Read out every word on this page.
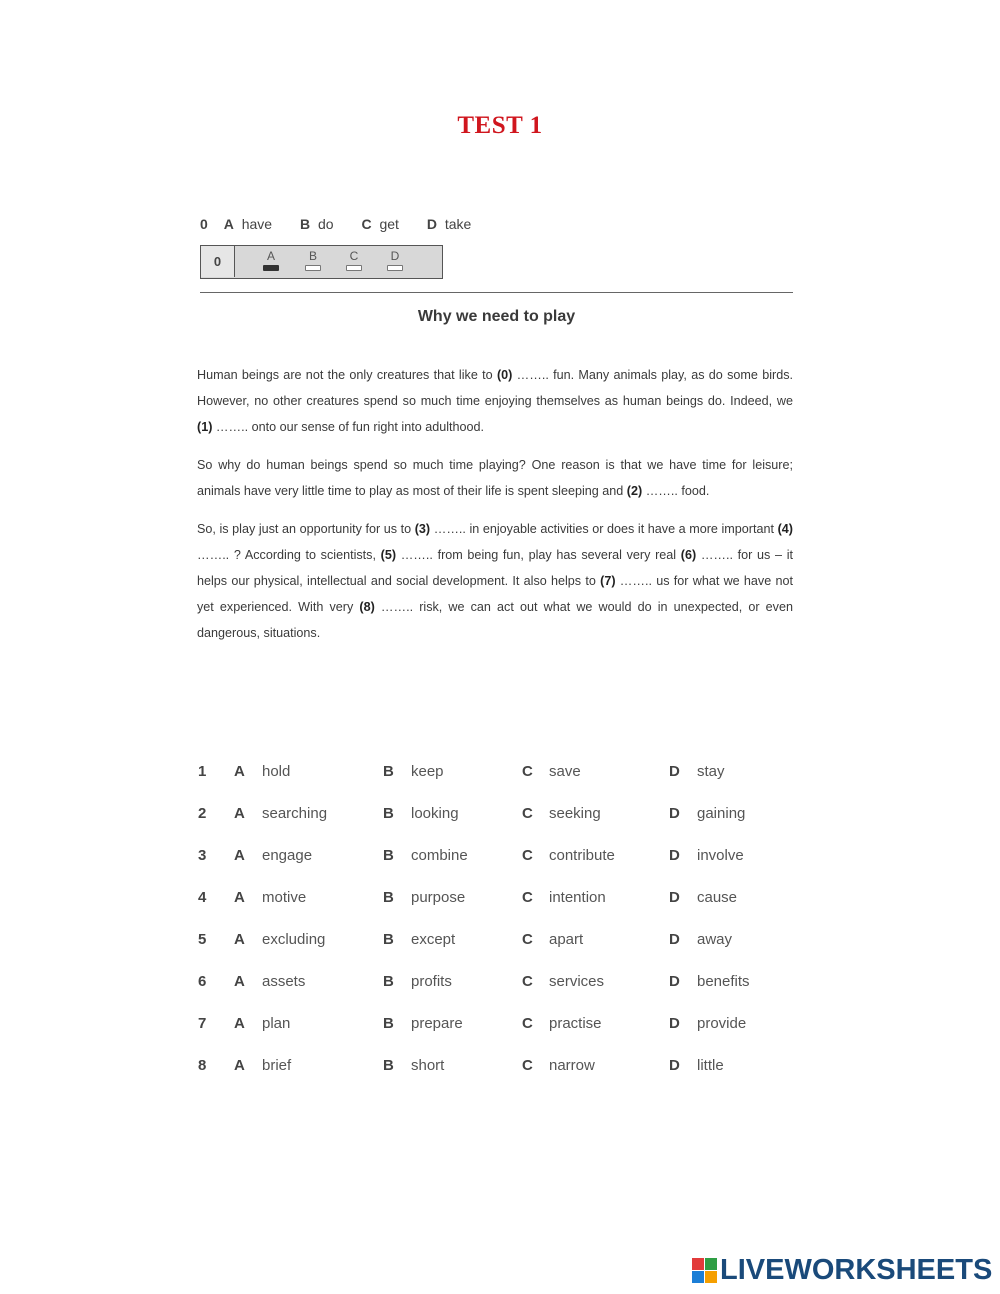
TEST 1
0 A have B do C get D take
0	A	B	C	D
Why we need to play

Human beings are not the only creatures that like to (0) …….. fun. Many animals play, as do some birds. However, no other creatures spend so much time enjoying themselves as human beings do. Indeed, we (1) …….. onto our sense of fun right into adulthood.

So why do human beings spend so much time playing? One reason is that we have time for leisure; animals have very little time to play as most of their life is spent sleeping and (2) …….. food.

So, is play just an opportunity for us to (3) …….. in enjoyable activities or does it have a more important (4) …….. ? According to scientists, (5) …….. from being fun, play has several very real (6) …….. for us – it helps our physical, intellectual and social development. It also helps to (7) …….. us for what we have not yet experienced. With very (8) …….. risk, we can act out what we would do in unexpected, or even dangerous, situations.

1 A hold	B keep	C save	D stay
2 A searching	B looking	C seeking	D gaining
3 A engage	B combine	C contribute	D involve
4 A motive	B purpose	C intention	D cause
5 A excluding	B except	C apart	D away
6 A assets	B profits	C services	D benefits
7 A plan	B prepare	C practise	D provide
8 A brief	B short	C narrow	D little
LIVEWORKSHEETS
